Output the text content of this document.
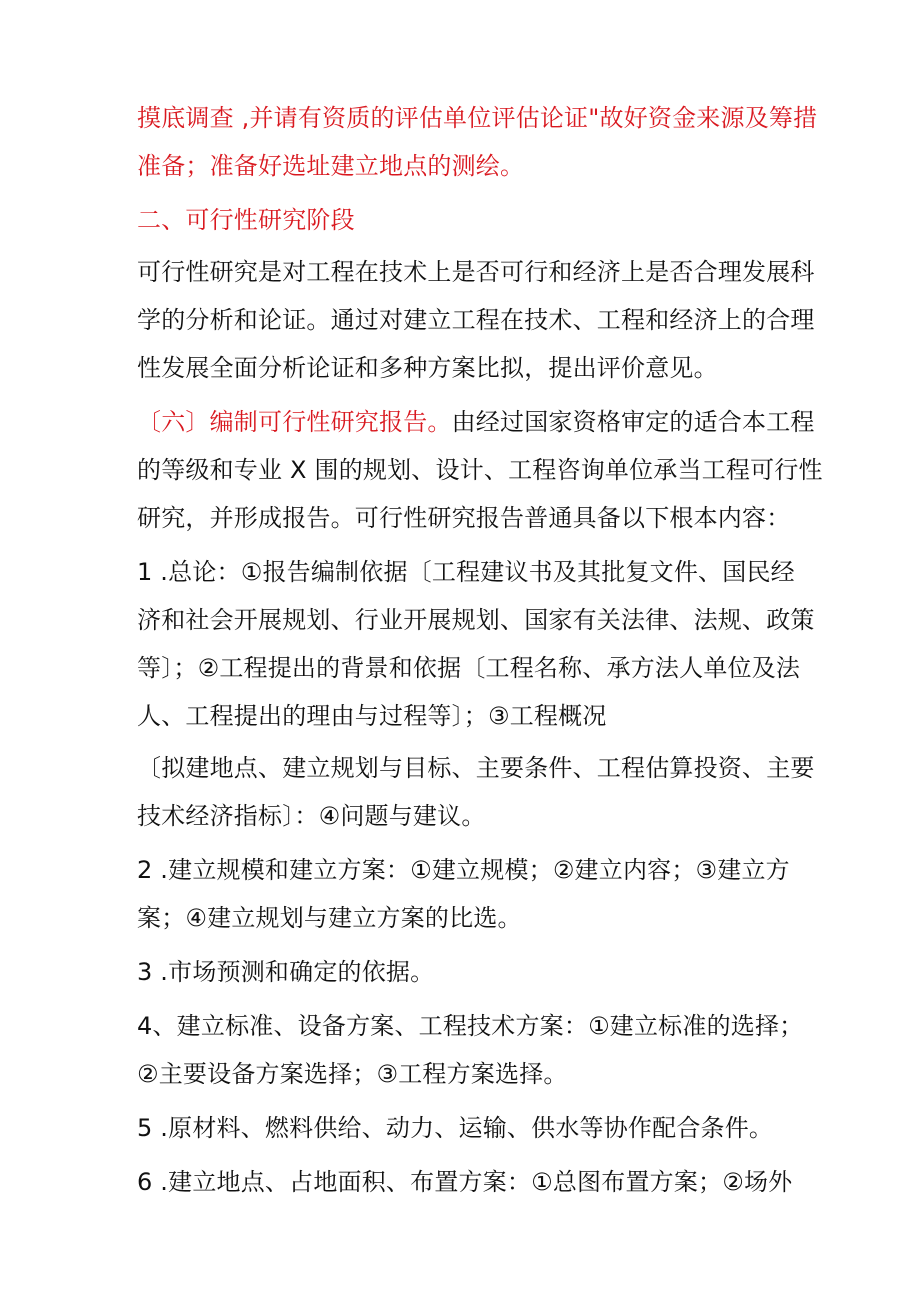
摸底调查 ,并请有资质的评估单位评估论证"故好资金来源及筹措
准备；准备好选址建立地点的测绘。
二、可行性研究阶段
可行性研究是对工程在技术上是否可行和经济上是否合理发展科
学的分析和论证。通过对建立工程在技术、工程和经济上的合理
性发展全面分析论证和多种方案比拟，提出评价意见。
〔六〕编制可行性研究报告。由经过国家资格审定的适合本工程
的等级和专业 X 围的规划、设计、工程咨询单位承当工程可行性
研究，并形成报告。可行性研究报告普通具备以下根本内容：
1 .总论：①报告编制依据〔工程建议书及其批复文件、国民经
济和社会开展规划、行业开展规划、国家有关法律、法规、政策
等〕；②工程提出的背景和依据〔工程名称、承方法人单位及法
人、工程提出的理由与过程等〕；③工程概况
〔拟建地点、建立规划与目标、主要条件、工程估算投资、主要
技术经济指标〕：④问题与建议。
2 .建立规模和建立方案：①建立规模；②建立内容；③建立方
案；④建立规划与建立方案的比选。
3 .市场预测和确定的依据。
4、建立标准、设备方案、工程技术方案：①建立标准的选择；
②主要设备方案选择；③工程方案选择。
5 .原材料、燃料供给、动力、运输、供水等协作配合条件。
6 .建立地点、占地面积、布置方案：①总图布置方案；②场外
